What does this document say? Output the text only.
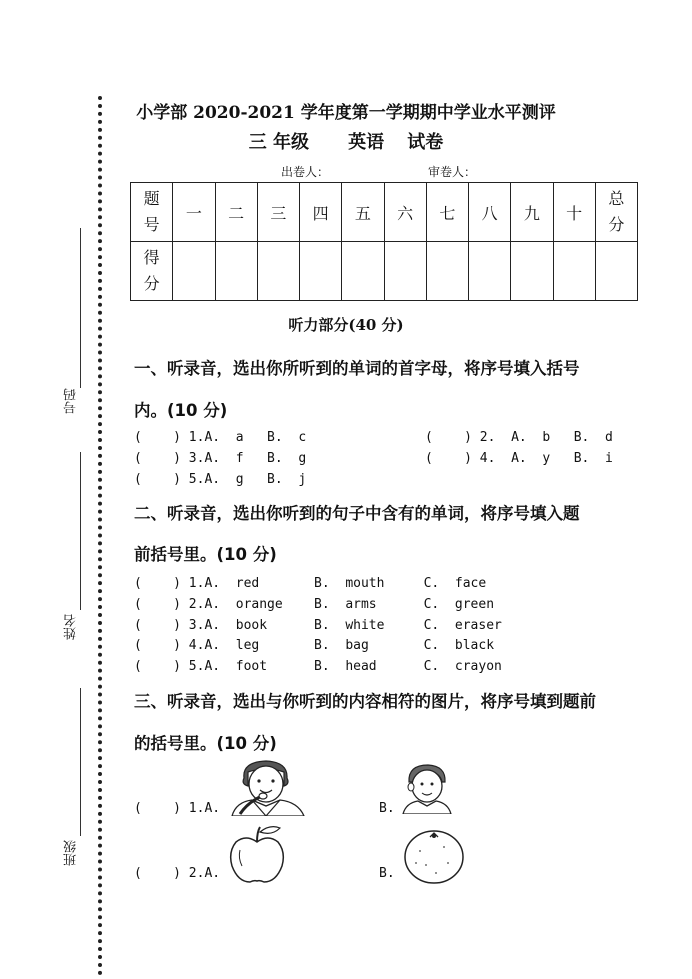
号码
姓名
班级
小学部 2020-2021 学年度第一学期期中学业水平测评
三 年级 英语 试卷
出卷人：	审卷人：
题号	一	二	三	四	五	六	七	八	九	十	总分
得分											
听力部分(40 分)
一、听录音，选出你所听到的单词的首字母，将序号填入括号
内。(10 分)
(    ) 1.A.  a   B.  c	(    ) 2.  A.  b   B.  d
(    ) 3.A.  f   B.  g	(    ) 4.  A.  y   B.  i
(    ) 5.A.  g   B.  j
二、听录音，选出你听到的句子中含有的单词，将序号填入题
前括号里。(10 分)
(    ) 1.A.  red       B.  mouth     C.  face
(    ) 2.A.  orange    B.  arms      C.  green
(    ) 3.A.  book      B.  white     C.  eraser
(    ) 4.A.  leg       B.  bag       C.  black
(    ) 5.A.  foot      B.  head      C.  crayon
三、听录音，选出与你听到的内容相符的图片，将序号填到题前
的括号里。(10 分)
(    ) 1.A.	B.
(    ) 2.A.	B.
